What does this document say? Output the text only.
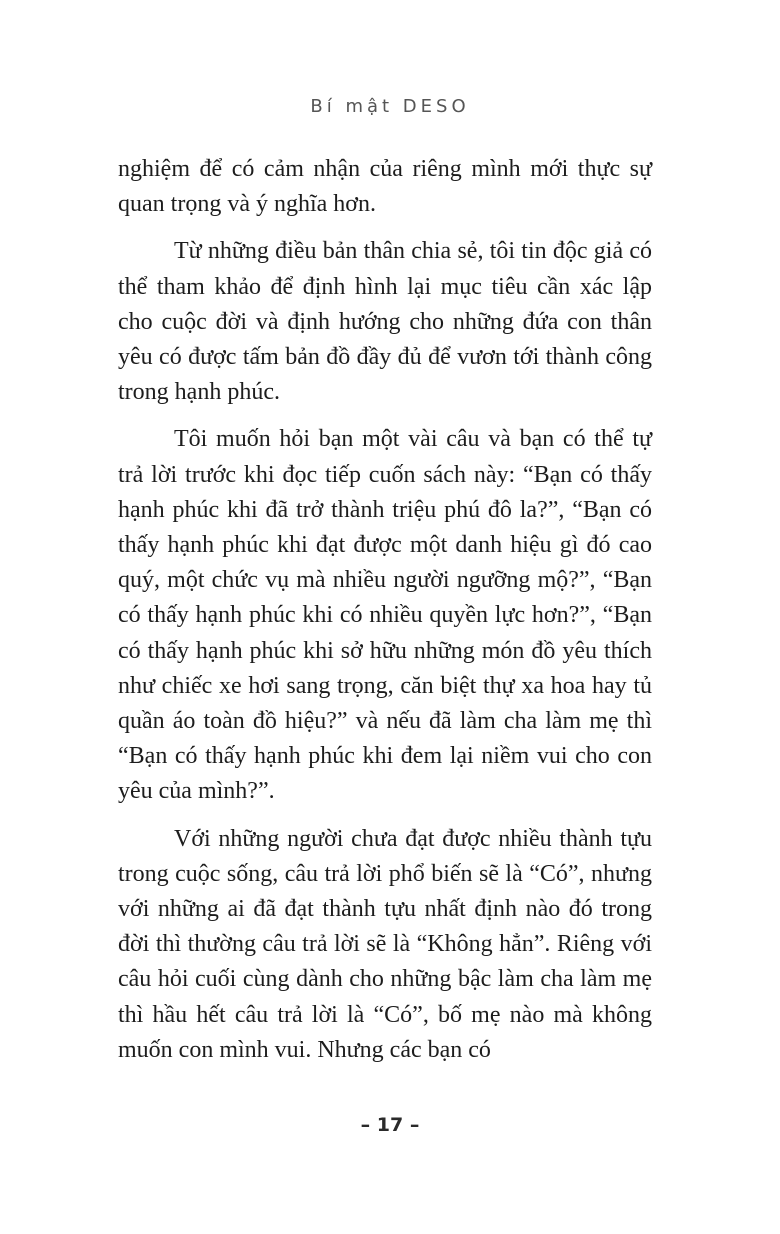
Bí mật DESO

nghiệm để có cảm nhận của riêng mình mới thực sự quan trọng và ý nghĩa hơn.

Từ những điều bản thân chia sẻ, tôi tin độc giả có thể tham khảo để định hình lại mục tiêu cần xác lập cho cuộc đời và định hướng cho những đứa con thân yêu có được tấm bản đồ đầy đủ để vươn tới thành công trong hạnh phúc.

Tôi muốn hỏi bạn một vài câu và bạn có thể tự trả lời trước khi đọc tiếp cuốn sách này: “Bạn có thấy hạnh phúc khi đã trở thành triệu phú đô la?”, “Bạn có thấy hạnh phúc khi đạt được một danh hiệu gì đó cao quý, một chức vụ mà nhiều người ngưỡng mộ?”, “Bạn có thấy hạnh phúc khi có nhiều quyền lực hơn?”, “Bạn có thấy hạnh phúc khi sở hữu những món đồ yêu thích như chiếc xe hơi sang trọng, căn biệt thự xa hoa hay tủ quần áo toàn đồ hiệu?” và nếu đã làm cha làm mẹ thì “Bạn có thấy hạnh phúc khi đem lại niềm vui cho con yêu của mình?”.

Với những người chưa đạt được nhiều thành tựu trong cuộc sống, câu trả lời phổ biến sẽ là “Có”, nhưng với những ai đã đạt thành tựu nhất định nào đó trong đời thì thường câu trả lời sẽ là “Không hẳn”. Riêng với câu hỏi cuối cùng dành cho những bậc làm cha làm mẹ thì hầu hết câu trả lời là “Có”, bố mẹ nào mà không muốn con mình vui. Nhưng các bạn có

– 17 –
